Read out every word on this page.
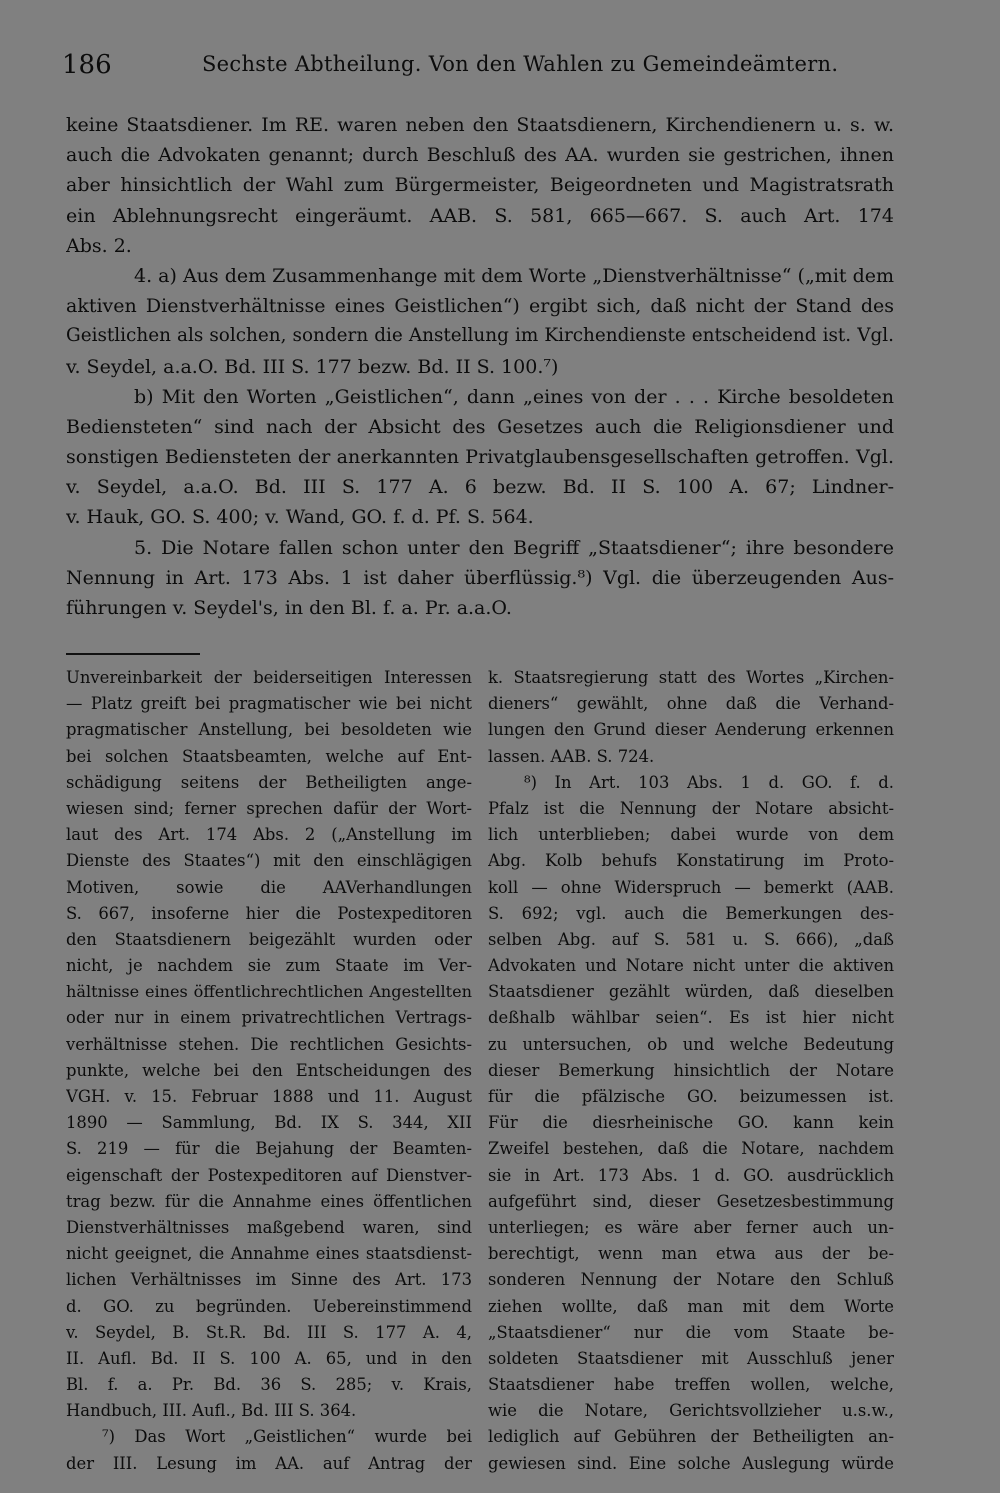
186	Sechste Abtheilung. Von den Wahlen zu Gemeindeämtern.
keine Staatsdiener. Im RE. waren neben den Staatsdienern, Kirchendienern u. s. w.
auch die Advokaten genannt; durch Beschluß des AA. wurden sie gestrichen, ihnen
aber hinsichtlich der Wahl zum Bürgermeister, Beigeordneten und Magistratsrath
ein Ablehnungsrecht eingeräumt. AAB. S. 581, 665—667. S. auch Art. 174
Abs. 2.
4. a) Aus dem Zusammenhange mit dem Worte „Dienstverhältnisse“ („mit dem
aktiven Dienstverhältnisse eines Geistlichen“) ergibt sich, daß nicht der Stand des
Geistlichen als solchen, sondern die Anstellung im Kirchendienste entscheidend ist. Vgl.
v. Seydel, a.a.O. Bd. III S. 177 bezw. Bd. II S. 100.⁷)
b) Mit den Worten „Geistlichen“, dann „eines von der . . . Kirche besoldeten
Bediensteten“ sind nach der Absicht des Gesetzes auch die Religionsdiener und
sonstigen Bediensteten der anerkannten Privatglaubensgesellschaften getroffen. Vgl.
v. Seydel, a.a.O. Bd. III S. 177 A. 6 bezw. Bd. II S. 100 A. 67; Lindner-
v. Hauk, GO. S. 400; v. Wand, GO. f. d. Pf. S. 564.
5. Die Notare fallen schon unter den Begriff „Staatsdiener“; ihre besondere
Nennung in Art. 173 Abs. 1 ist daher überflüssig.⁸) Vgl. die überzeugenden Aus-
führungen v. Seydel's, in den Bl. f. a. Pr. a.a.O.
Unvereinbarkeit der beiderseitigen Interessen
— Platz greift bei pragmatischer wie bei nicht
pragmatischer Anstellung, bei besoldeten wie
bei solchen Staatsbeamten, welche auf Ent-
schädigung seitens der Betheiligten ange-
wiesen sind; ferner sprechen dafür der Wort-
laut des Art. 174 Abs. 2 („Anstellung im
Dienste des Staates“) mit den einschlägigen
Motiven, sowie die AAVerhandlungen
S. 667, insoferne hier die Postexpeditoren
den Staatsdienern beigezählt wurden oder
nicht, je nachdem sie zum Staate im Ver-
hältnisse eines öffentlichrechtlichen Angestellten
oder nur in einem privatrechtlichen Vertrags-
verhältnisse stehen. Die rechtlichen Gesichts-
punkte, welche bei den Entscheidungen des
VGH. v. 15. Februar 1888 und 11. August
1890 — Sammlung, Bd. IX S. 344, XII
S. 219 — für die Bejahung der Beamten-
eigenschaft der Postexpeditoren auf Dienstver-
trag bezw. für die Annahme eines öffentlichen
Dienstverhältnisses maßgebend waren, sind
nicht geeignet, die Annahme eines staatsdienst-
lichen Verhältnisses im Sinne des Art. 173
d. GO. zu begründen. Uebereinstimmend
v. Seydel, B. St.R. Bd. III S. 177 A. 4,
II. Aufl. Bd. II S. 100 A. 65, und in den
Bl. f. a. Pr. Bd. 36 S. 285; v. Krais,
Handbuch, III. Aufl., Bd. III S. 364.
⁷) Das Wort „Geistlichen“ wurde bei
der III. Lesung im AA. auf Antrag der
k. Staatsregierung statt des Wortes „Kirchen-
dieners“ gewählt, ohne daß die Verhand-
lungen den Grund dieser Aenderung erkennen
lassen. AAB. S. 724.
⁸) In Art. 103 Abs. 1 d. GO. f. d.
Pfalz ist die Nennung der Notare absicht-
lich unterblieben; dabei wurde von dem
Abg. Kolb behufs Konstatirung im Proto-
koll — ohne Widerspruch — bemerkt (AAB.
S. 692; vgl. auch die Bemerkungen des-
selben Abg. auf S. 581 u. S. 666), „daß
Advokaten und Notare nicht unter die aktiven
Staatsdiener gezählt würden, daß dieselben
deßhalb wählbar seien“. Es ist hier nicht
zu untersuchen, ob und welche Bedeutung
dieser Bemerkung hinsichtlich der Notare
für die pfälzische GO. beizumessen ist.
Für die diesrheinische GO. kann kein
Zweifel bestehen, daß die Notare, nachdem
sie in Art. 173 Abs. 1 d. GO. ausdrücklich
aufgeführt sind, dieser Gesetzesbestimmung
unterliegen; es wäre aber ferner auch un-
berechtigt, wenn man etwa aus der be-
sonderen Nennung der Notare den Schluß
ziehen wollte, daß man mit dem Worte
„Staatsdiener“ nur die vom Staate be-
soldeten Staatsdiener mit Ausschluß jener
Staatsdiener habe treffen wollen, welche,
wie die Notare, Gerichtsvollzieher u.s.w.,
lediglich auf Gebühren der Betheiligten an-
gewiesen sind. Eine solche Auslegung würde
